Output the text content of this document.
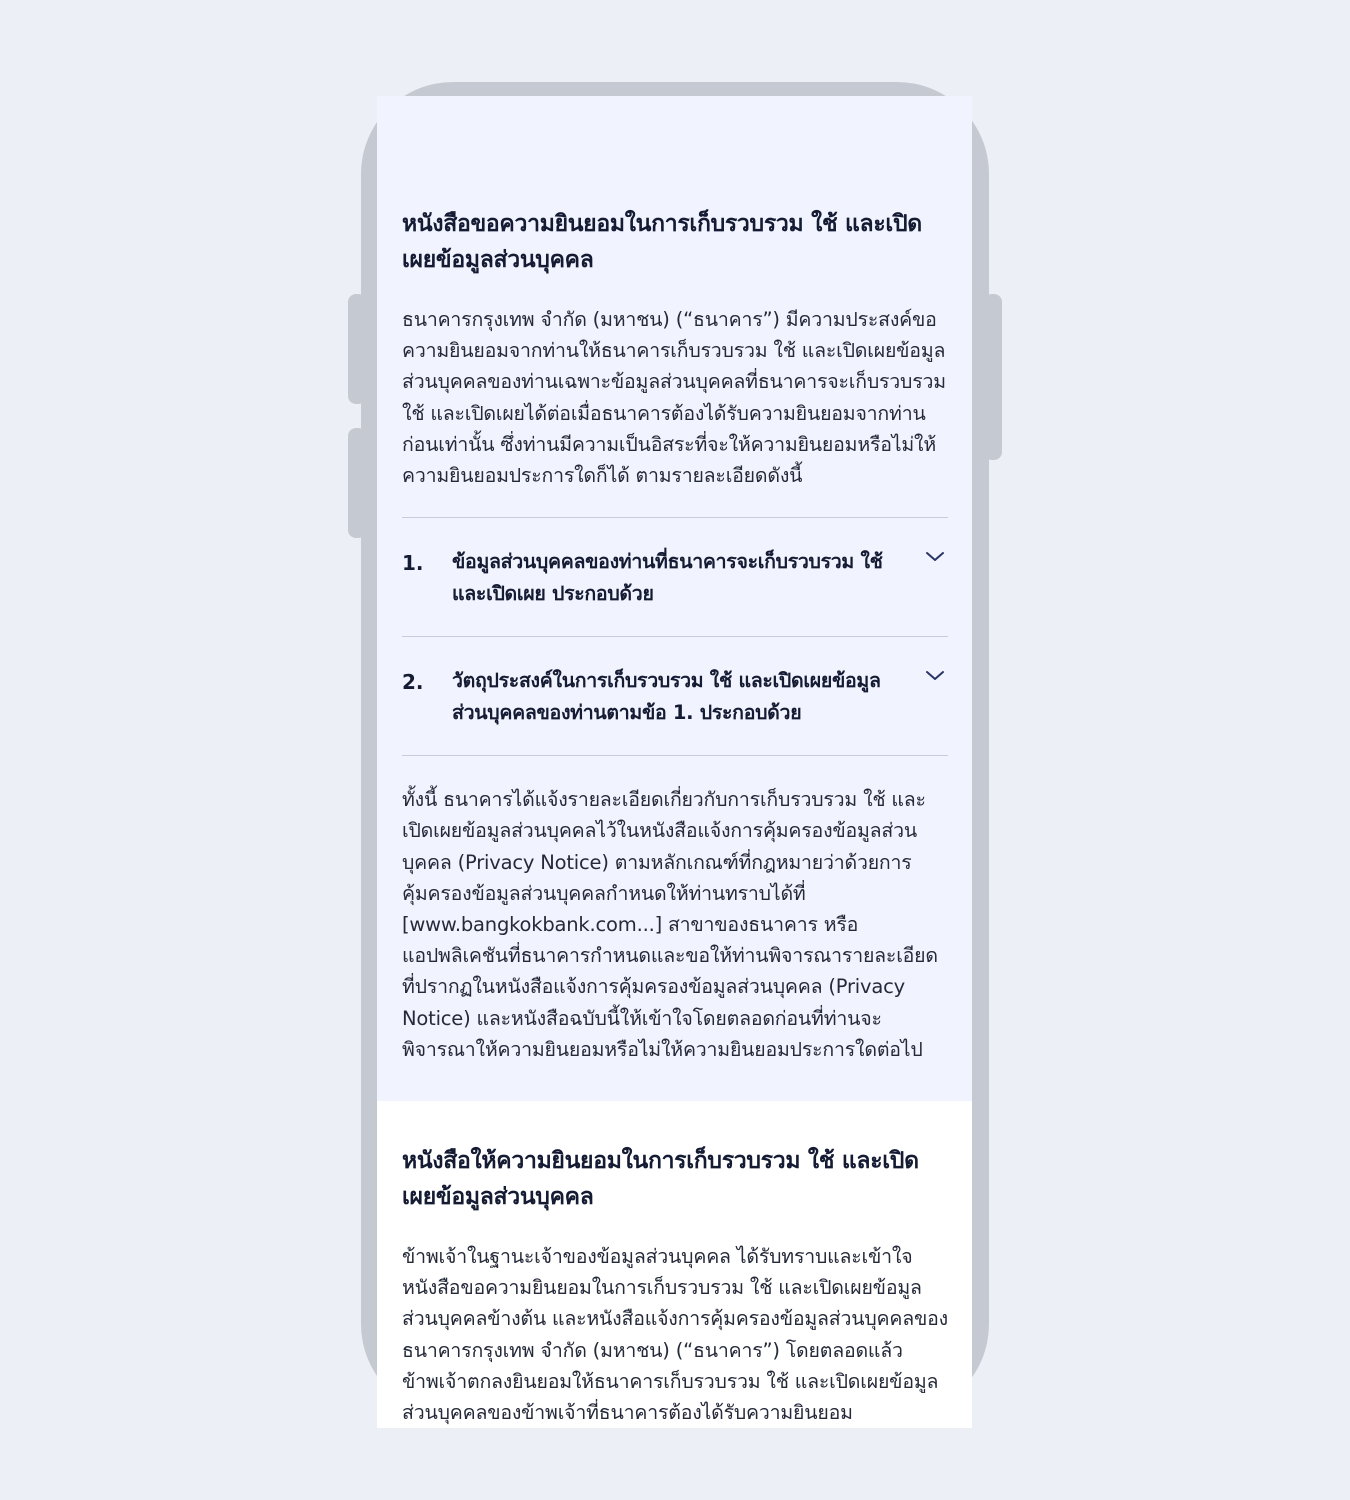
หนังสือขอความยินยอมในการเก็บรวบรวม ใช้ และเปิดเผยข้อมูลส่วนบุคคล

ธนาคารกรุงเทพ จำกัด (มหาชน) (“ธนาคาร”) มีความประสงค์ขอความยินยอมจากท่านให้ธนาคารเก็บรวบรวม ใช้ และเปิดเผยข้อมูลส่วนบุคคลของท่านเฉพาะข้อมูลส่วนบุคคลที่ธนาคารจะเก็บรวบรวม ใช้ และเปิดเผยได้ต่อเมื่อธนาคารต้องได้รับความยินยอมจากท่านก่อนเท่านั้น ซึ่งท่านมีความเป็นอิสระที่จะให้ความยินยอมหรือไม่ให้ความยินยอมประการใดก็ได้ ตามรายละเอียดดังนี้

1. ข้อมูลส่วนบุคคลของท่านที่ธนาคารจะเก็บรวบรวม ใช้ และเปิดเผย ประกอบด้วย
2. วัตถุประสงค์ในการเก็บรวบรวม ใช้ และเปิดเผยข้อมูลส่วนบุคคลของท่านตามข้อ 1. ประกอบด้วย

ทั้งนี้ ธนาคารได้แจ้งรายละเอียดเกี่ยวกับการเก็บรวบรวม ใช้ และเปิดเผยข้อมูลส่วนบุคคลไว้ในหนังสือแจ้งการคุ้มครองข้อมูลส่วนบุคคล (Privacy Notice) ตามหลักเกณฑ์ที่กฎหมายว่าด้วยการคุ้มครองข้อมูลส่วนบุคคลกำหนดให้ท่านทราบได้ที่ [www.bangkokbank.com...] สาขาของธนาคาร หรือแอปพลิเคชันที่ธนาคารกำหนดและขอให้ท่านพิจารณารายละเอียดที่ปรากฏในหนังสือแจ้งการคุ้มครองข้อมูลส่วนบุคคล (Privacy Notice) และหนังสือฉบับนี้ให้เข้าใจโดยตลอดก่อนที่ท่านจะพิจารณาให้ความยินยอมหรือไม่ให้ความยินยอมประการใดต่อไป

หนังสือให้ความยินยอมในการเก็บรวบรวม ใช้ และเปิดเผยข้อมูลส่วนบุคคล

ข้าพเจ้าในฐานะเจ้าของข้อมูลส่วนบุคคล ได้รับทราบและเข้าใจหนังสือขอความยินยอมในการเก็บรวบรวม ใช้ และเปิดเผยข้อมูลส่วนบุคคลข้างต้น และหนังสือแจ้งการคุ้มครองข้อมูลส่วนบุคคลของธนาคารกรุงเทพ จำกัด (มหาชน) (“ธนาคาร”) โดยตลอดแล้ว ข้าพเจ้าตกลงยินยอมให้ธนาคารเก็บรวบรวม ใช้ และเปิดเผยข้อมูลส่วนบุคคลของข้าพเจ้าที่ธนาคารต้องได้รับความยินยอม
